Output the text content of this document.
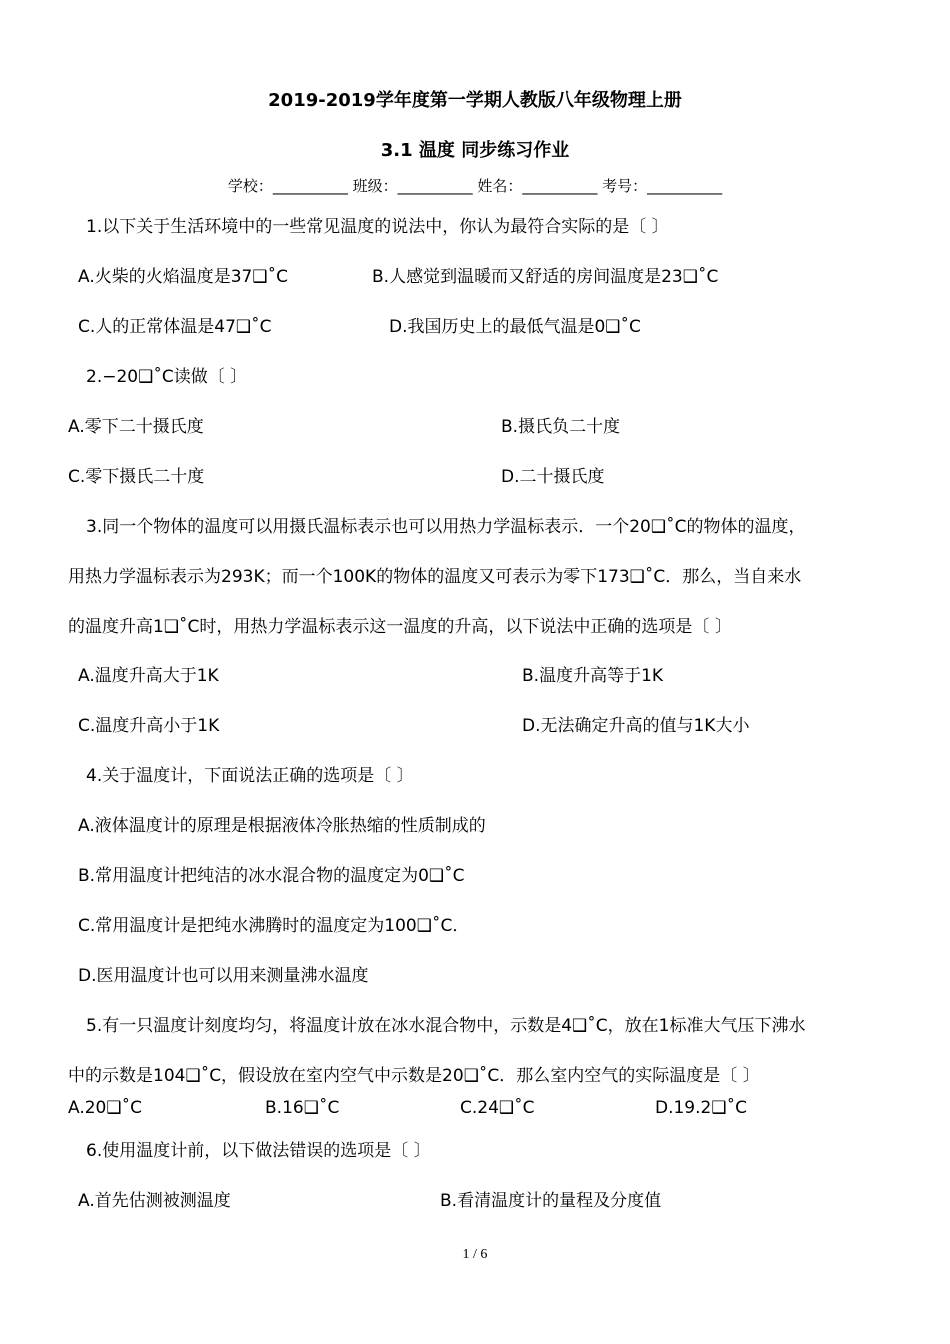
2019-2019学年度第一学期人教版八年级物理上册
3.1 温度 同步练习作业
学校：__________ 班级：__________ 姓名：__________ 考号：__________
1.以下关于生活环境中的一些常见温度的说法中，你认为最符合实际的是〔 〕
A.火柴的火焰温度是37❑˚C	B.人感觉到温暖而又舒适的房间温度是23❑˚C
C.人的正常体温是47❑˚C	D.我国历史上的最低气温是0❑˚C
2.−20❑˚C读做〔 〕
A.零下二十摄氏度	B.摄氏负二十度
C.零下摄氏二十度	D.二十摄氏度
3.同一个物体的温度可以用摄氏温标表示也可以用热力学温标表示．一个20❑˚C的物体的温度，
用热力学温标表示为293K；而一个100K的物体的温度又可表示为零下173❑˚C．那么，当自来水
的温度升高1❑˚C时，用热力学温标表示这一温度的升高，以下说法中正确的选项是〔 〕
A.温度升高大于1K	B.温度升高等于1K
C.温度升高小于1K	D.无法确定升高的值与1K大小
4.关于温度计，下面说法正确的选项是〔 〕
A.液体温度计的原理是根据液体冷胀热缩的性质制成的
B.常用温度计把纯洁的冰水混合物的温度定为0❑˚C
C.常用温度计是把纯水沸腾时的温度定为100❑˚C．
D.医用温度计也可以用来测量沸水温度
5.有一只温度计刻度均匀，将温度计放在冰水混合物中，示数是4❑˚C，放在1标准大气压下沸水
中的示数是104❑˚C，假设放在室内空气中示数是20❑˚C．那么室内空气的实际温度是〔 〕
A.20❑˚C	B.16❑˚C	C.24❑˚C	D.19.2❑˚C
6.使用温度计前，以下做法错误的选项是〔 〕
A.首先估测被测温度	B.看清温度计的量程及分度值
1 / 6
